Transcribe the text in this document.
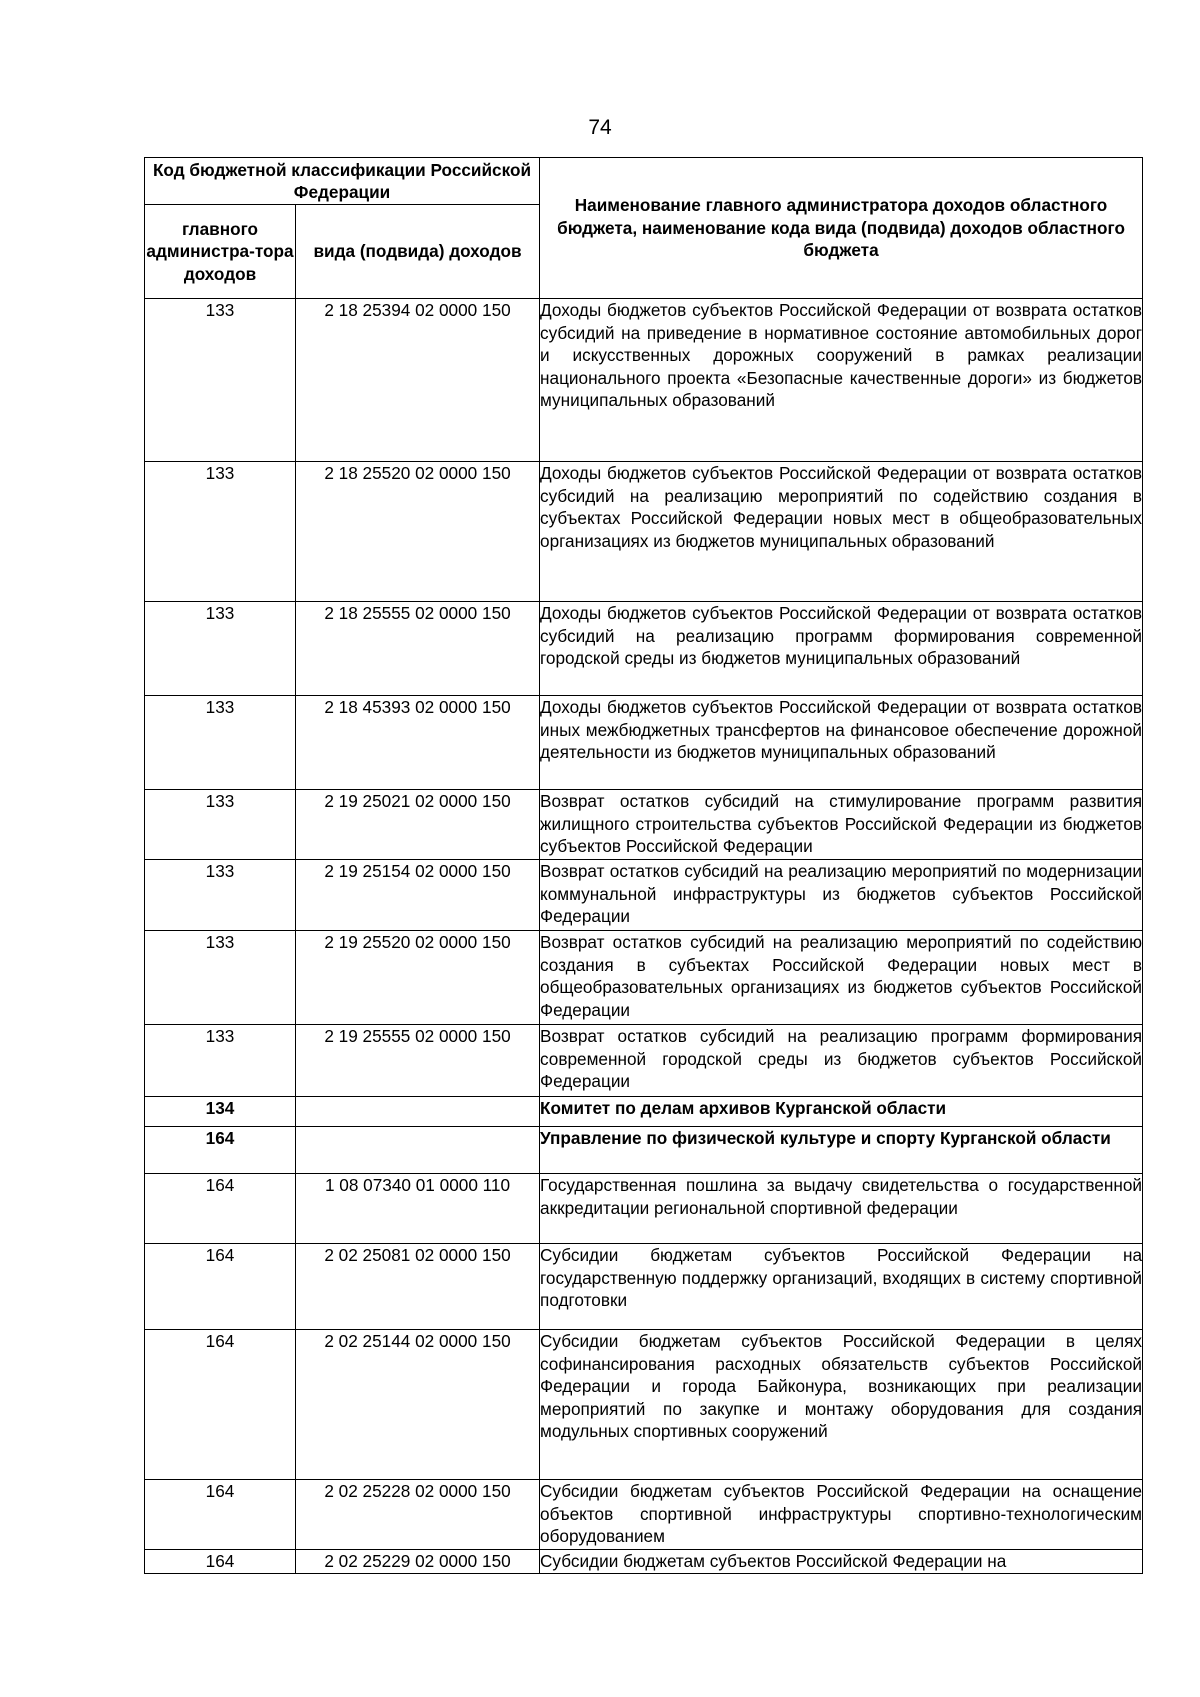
74
Код бюджетной классификации Российской Федерации		Наименование главного администратора доходов областного бюджета, наименование кода вида (подвида) доходов областного бюджета
главного администра-тора доходов	вида (подвида) доходов	
133	2 18 25394 02 0000 150	Доходы бюджетов субъектов Российской Федерации от возврата остатков субсидий на приведение в нормативное состояние автомобильных дорог и искусственных дорожных сооружений в рамках реализации национального проекта «Безопасные качественные дороги» из бюджетов муниципальных образований
133	2 18 25520 02 0000 150	Доходы бюджетов субъектов Российской Федерации от возврата остатков субсидий на реализацию мероприятий по содействию создания в субъектах Российской Федерации новых мест в общеобразовательных организациях из бюджетов муниципальных образований
133	2 18 25555 02 0000 150	Доходы бюджетов субъектов Российской Федерации от возврата остатков субсидий на реализацию программ формирования современной городской среды из бюджетов муниципальных образований
133	2 18 45393 02 0000 150	Доходы бюджетов субъектов Российской Федерации от возврата остатков иных межбюджетных трансфертов на финансовое обеспечение дорожной деятельности из бюджетов муниципальных образований
133	2 19 25021 02 0000 150	Возврат остатков субсидий на стимулирование программ развития жилищного строительства субъектов Российской Федерации из бюджетов субъектов Российской Федерации
133	2 19 25154 02 0000 150	Возврат остатков субсидий на реализацию мероприятий по модернизации коммунальной инфраструктуры из бюджетов субъектов Российской Федерации
133	2 19 25520 02 0000 150	Возврат остатков субсидий на реализацию мероприятий по содействию создания в субъектах Российской Федерации новых мест в общеобразовательных организациях из бюджетов субъектов Российской Федерации
133	2 19 25555 02 0000 150	Возврат остатков субсидий на реализацию программ формирования современной городской среды из бюджетов субъектов Российской Федерации
134		Комитет по делам архивов Курганской области
164		Управление по физической культуре и спорту Курганской области
164	1 08 07340 01 0000 110	Государственная пошлина за выдачу свидетельства о государственной аккредитации региональной спортивной федерации
164	2 02 25081 02 0000 150	Субсидии бюджетам субъектов Российской Федерации на государственную поддержку организаций, входящих в систему спортивной подготовки
164	2 02 25144 02 0000 150	Субсидии бюджетам субъектов Российской Федерации в целях софинансирования расходных обязательств субъектов Российской Федерации и города Байконура, возникающих при реализации мероприятий по закупке и монтажу оборудования для создания модульных спортивных сооружений
164	2 02 25228 02 0000 150	Субсидии бюджетам субъектов Российской Федерации на оснащение объектов спортивной инфраструктуры спортивно-технологическим оборудованием
164	2 02 25229 02 0000 150	Субсидии бюджетам субъектов Российской Федерации на
